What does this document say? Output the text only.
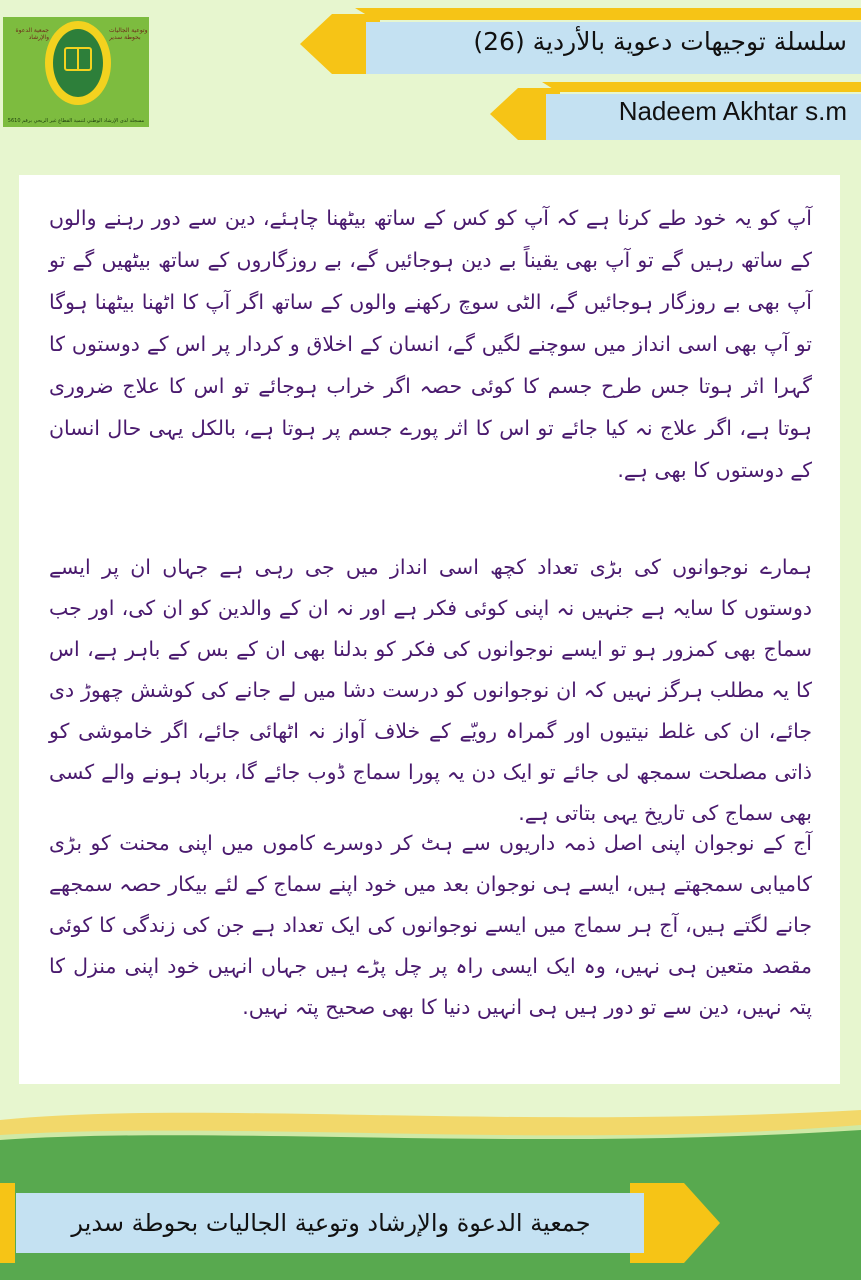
جمعية الدعوة والإرشاد
وتوعية الجاليات بحوطة سدير
مسجلة لدى الإرشاد الوطني لتنمية القطاع غير الربحي برقم 5610
سلسلة توجيهات دعوية بالأردية (26)
Nadeem Akhtar s.m
آپ کو یہ خود طے کرنا ہے کہ آپ کو کس کے ساتھ بیٹھنا چاہئے، دین سے دور رہنے والوں کے ساتھ رہیں گے تو آپ بھی یقیناً بے دین ہوجائیں گے، بے روزگاروں کے ساتھ بیٹھیں گے تو آپ بھی بے روزگار ہوجائیں گے، الٹی سوچ رکھنے والوں کے ساتھ اگر آپ کا اٹھنا بیٹھنا ہوگا تو آپ بھی اسی انداز میں سوچنے لگیں گے، انسان کے اخلاق و کردار پر اس کے دوستوں کا گہرا اثر ہوتا جس طرح جسم کا کوئی حصہ اگر خراب ہوجائے تو اس کا علاج ضروری ہوتا ہے، اگر علاج نہ کیا جائے تو اس کا اثر پورے جسم پر ہوتا ہے، بالکل یہی حال انسان کے دوستوں کا بھی ہے.
ہمارے نوجوانوں کی بڑی تعداد کچھ اسی انداز میں جی رہی ہے جہاں ان پر ایسے دوستوں کا سایہ ہے جنہیں نہ اپنی کوئی فکر ہے اور نہ ان کے والدین کو ان کی، اور جب سماج بھی کمزور ہو تو ایسے نوجوانوں کی فکر کو بدلنا بھی ان کے بس کے باہر ہے، اس کا یہ مطلب ہرگز نہیں کہ ان نوجوانوں کو درست دشا میں لے جانے کی کوشش چھوڑ دی جائے، ان کی غلط نیتیوں اور گمراہ رویّے کے خلاف آواز نہ اٹھائی جائے، اگر خاموشی کو ذاتی مصلحت سمجھ لی جائے تو ایک دن یہ پورا سماج ڈوب جائے گا، برباد ہونے والے کسی بھی سماج کی تاریخ یہی بتاتی ہے.
آج کے نوجوان اپنی اصل ذمہ داریوں سے ہٹ کر دوسرے کاموں میں اپنی محنت کو بڑی کامیابی سمجھتے ہیں، ایسے ہی نوجوان بعد میں خود اپنے سماج کے لئے بیکار حصہ سمجھے جانے لگتے ہیں، آج ہر سماج میں ایسے نوجوانوں کی ایک تعداد ہے جن کی زندگی کا کوئی مقصد متعین ہی نہیں، وہ ایک ایسی راہ پر چل پڑے ہیں جہاں انہیں خود اپنی منزل کا پتہ نہیں، دین سے تو دور ہیں ہی انہیں دنیا کا بھی صحیح پتہ نہیں.
جمعية الدعوة والإرشاد وتوعية الجاليات بحوطة سدير
